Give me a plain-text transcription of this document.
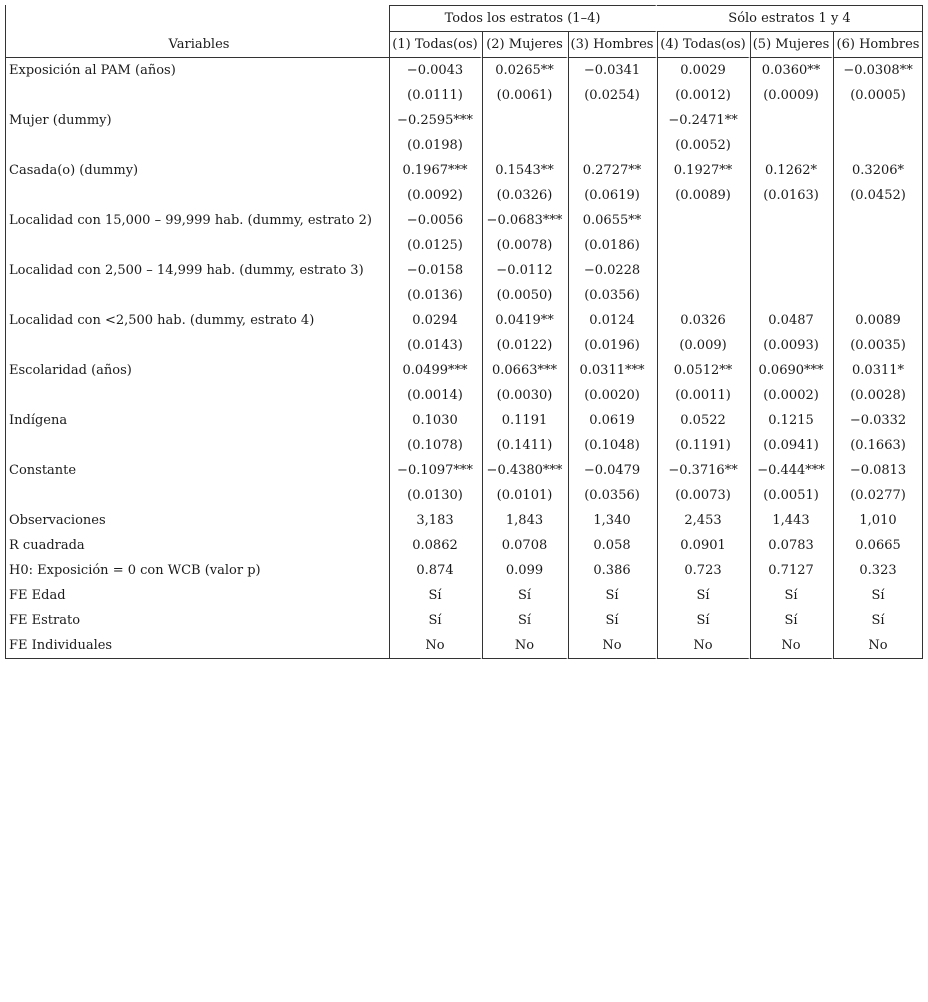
	Todos los estratos (1–4)			Sólo estratos 1 y 4		
Variables	(1) Todas(os)	(2) Mujeres	(3) Hombres	(4) Todas(os)	(5) Mujeres	(6) Hombres
Exposición al PAM (años)	−0.0043	0.0265**	−0.0341	0.0029	0.0360**	−0.0308**
	(0.0111)	(0.0061)	(0.0254)	(0.0012)	(0.0009)	(0.0005)
Mujer (dummy)	−0.2595***			−0.2471**		
	(0.0198)			(0.0052)		
Casada(o) (dummy)	0.1967***	0.1543**	0.2727**	0.1927**	0.1262*	0.3206*
	(0.0092)	(0.0326)	(0.0619)	(0.0089)	(0.0163)	(0.0452)
Localidad con 15,000 – 99,999 hab. (dummy, estrato 2)	−0.0056	−0.0683***	0.0655**			
	(0.0125)	(0.0078)	(0.0186)			
Localidad con 2,500 – 14,999 hab. (dummy, estrato 3)	−0.0158	−0.0112	−0.0228			
	(0.0136)	(0.0050)	(0.0356)			
Localidad con <2,500 hab. (dummy, estrato 4)	0.0294	0.0419**	0.0124	0.0326	0.0487	0.0089
	(0.0143)	(0.0122)	(0.0196)	(0.009)	(0.0093)	(0.0035)
Escolaridad (años)	0.0499***	0.0663***	0.0311***	0.0512**	0.0690***	0.0311*
	(0.0014)	(0.0030)	(0.0020)	(0.0011)	(0.0002)	(0.0028)
Indígena	0.1030	0.1191	0.0619	0.0522	0.1215	−0.0332
	(0.1078)	(0.1411)	(0.1048)	(0.1191)	(0.0941)	(0.1663)
Constante	−0.1097***	−0.4380***	−0.0479	−0.3716**	−0.444***	−0.0813
	(0.0130)	(0.0101)	(0.0356)	(0.0073)	(0.0051)	(0.0277)
Observaciones	3,183	1,843	1,340	2,453	1,443	1,010
R cuadrada	0.0862	0.0708	0.058	0.0901	0.0783	0.0665
H0: Exposición = 0 con WCB (valor p)	0.874	0.099	0.386	0.723	0.7127	0.323
FE Edad	Sí	Sí	Sí	Sí	Sí	Sí
FE Estrato	Sí	Sí	Sí	Sí	Sí	Sí
FE Individuales	No	No	No	No	No	No
